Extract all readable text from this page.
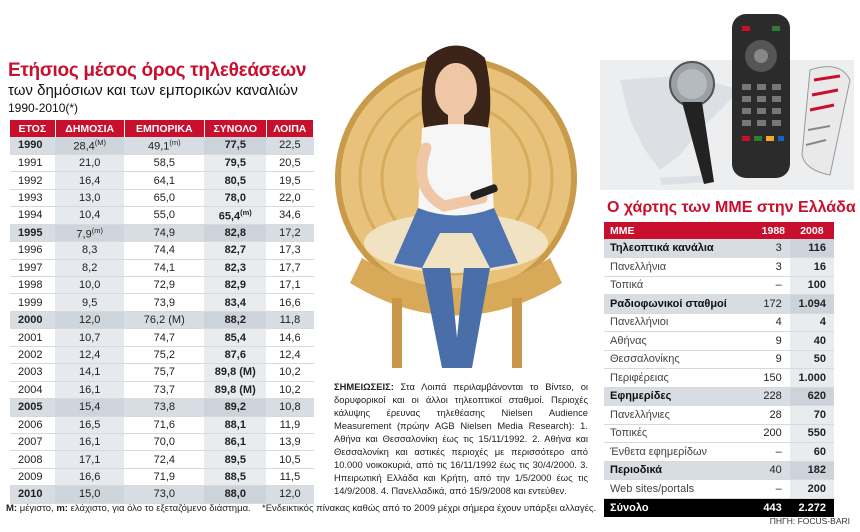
Ετήσιος μέσος όρος τηλεθεάσεων
των δημόσιων και των εμπορικών καναλιών
1990-2010(*)
ΕΤΟΣ	ΔΗΜΟΣΙΑ	ΕΜΠΟΡΙΚΑ	ΣΥΝΟΛΟ	ΛΟΙΠΑ
1990	$28,4^{(M)}$	49,1$^{(m)}$	77,5	22,5
1991	21,0	58,5	79,5	20,5
1992	16,4	64,1	80,5	19,5
1993	13,0	65,0	78,0	22,0
1994	10,4	55,0	65,4$^{(m)}$	34,6
1995	7,9$^{(m)}$	74,9	82,8	17,2
1996	8,3	74,4	82,7	17,3
1997	8,2	74,1	82,3	17,7
1998	10,0	72,9	82,9	17,1
1999	9,5	73,9	83,4	16,6
2000	12,0	76,2 (M)	88,2	11,8
2001	10,7	74,7	85,4	14,6
2002	12,4	75,2	87,6	12,4
2003	14,1	75,7	89,8 (M)	10,2
2004	16,1	73,7	89,8 (M)	10,2
2005	15,4	73,8	89,2	10,8
2006	16,5	71,6	88,1	11,9
2007	16,1	70,0	86,1	13,9
2008	17,1	72,4	89,5	10,5
2009	16,6	71,9	88,5	11,5
2010	15,0	73,0	88,0	12,0
M: μέγιστο, m: ελάχιστο, για όλο το εξεταζόμενο διάστημα.
ΣΗΜΕΙΩΣΕΙΣ: Στα Λοιπά περιλαμβάνονται το Βίντεο, οι δορυφορικοί και οι άλλοι τηλεοπτικοί σταθμοί. Περιοχές κάλυψης έρευνας τηλεθέασης Nielsen Audience Measurement (πρώην AGB Nielsen Media Research): 1. Αθήνα και Θεσσαλονίκη έως τις 15/11/1992. 2. Αθήνα και Θεσσαλονίκη και αστικές περιοχές με περισσότερο από 10.000 νοικοκυριά, από τις 16/11/1992 έως τις 30/4/2000. 3. Ηπειρωτική Ελλάδα και Κρήτη, από την 1/5/2000 έως τις 14/9/2008. 4. Πανελλαδικά, από 15/9/2008 και εντεύθεν.
*Ενδεικτικός πίνακας καθώς από το 2009 μέχρι σήμερα έχουν υπάρξει αλλαγές.
Ο χάρτης των ΜΜΕ στην Ελλάδα
ΜΜΕ	1988	2008
Τηλεοπτικά κανάλια	3	116
Πανελλήνια	3	16
Τοπικά	–	100
Ραδιοφωνικοί σταθμοί	172	1.094
Πανελλήνιοι	4	4
Αθήνας	9	40
Θεσσαλονίκης	9	50
Περιφέρειας	150	1.000
Εφημερίδες	228	620
Πανελλήνιες	28	70
Τοπικές	200	550
Ένθετα εφημερίδων	–	60
Περιοδικά	40	182
Web sites/portals	–	200
Σύνολο	443	2.272
ΠΗΓΗ: FOCUS-BARI
